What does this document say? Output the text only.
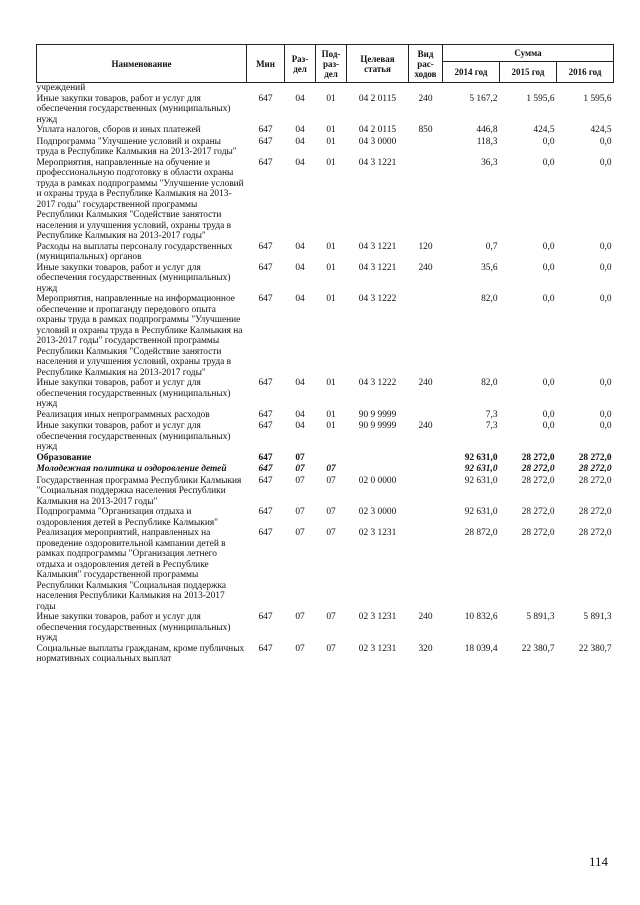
Наименование	Мин	Раз-дел	Под-раз-дел	Целевая статья	Вид рас-ходов	Сумма		
						2014 год	2015 год	2016 год
учреждений								
Иные закупки товаров, работ и услуг для обеспечения государственных (муниципальных) нужд	647	04	01	04 2 0115	240	5 167,2	1 595,6	1 595,6
Уплата налогов, сборов и иных платежей	647	04	01	04 2 0115	850	446,8	424,5	424,5
Подпрограмма "Улучшение условий и охраны труда в Республике Калмыкия на 2013-2017 годы"	647	04	01	04 3 0000		118,3	0,0	0,0
Мероприятия, направленные на обучение и профессиональную подготовку в области охраны труда в рамках подпрограммы "Улучшение условий и охраны труда в Республике Калмыкия на 2013-2017 годы" государственной программы Республики Калмыкия "Содействие занятости населения и улучшения условий, охраны труда в Республике Калмыкия на 2013-2017 годы"	647	04	01	04 3 1221		36,3	0,0	0,0
Расходы на выплаты персоналу государственных (муниципальных) органов	647	04	01	04 3 1221	120	0,7	0,0	0,0
Иные закупки товаров, работ и услуг для обеспечения государственных (муниципальных) нужд	647	04	01	04 3 1221	240	35,6	0,0	0,0
Мероприятия, направленные на информационное обеспечение и пропаганду передового опыта охраны труда в рамках подпрограммы "Улучшение условий и охраны труда в Республике Калмыкия на 2013-2017 годы" государственной программы Республики Калмыкия "Содействие занятости населения и улучшения условий, охраны труда в Республике Калмыкия на 2013-2017 годы"	647	04	01	04 3 1222		82,0	0,0	0,0
Иные закупки товаров, работ и услуг для обеспечения государственных (муниципальных) нужд	647	04	01	04 3 1222	240	82,0	0,0	0,0
Реализация иных непрограммных расходов	647	04	01	90 9 9999		7,3	0,0	0,0
Иные закупки товаров, работ и услуг для обеспечения государственных (муниципальных) нужд	647	04	01	90 9 9999	240	7,3	0,0	0,0
Образование	647	07				92 631,0	28 272,0	28 272,0
Молодежная политика и оздоровление детей	647	07	07			92 631,0	28 272,0	28 272,0
Государственная программа Республики Калмыкия "Социальная поддержка населения Республики Калмыкия на 2013-2017 годы"	647	07	07	02 0 0000		92 631,0	28 272,0	28 272,0
Подпрограмма "Организация отдыха и оздоровления детей в Республике Калмыкия"	647	07	07	02 3 0000		92 631,0	28 272,0	28 272,0
Реализация мероприятий, направленных на проведение оздоровительной кампании детей в рамках подпрограммы "Организация летнего отдыха и оздоровления детей в Республике Калмыкия" государственной программы Республики Калмыкия "Социальная поддержка населения Республики Калмыкия на 2013-2017 годы	647	07	07	02 3 1231		28 872,0	28 272,0	28 272,0
Иные закупки товаров, работ и услуг для обеспечения государственных (муниципальных) нужд	647	07	07	02 3 1231	240	10 832,6	5 891,3	5 891,3
Социальные выплаты гражданам, кроме публичных нормативных социальных выплат	647	07	07	02 3 1231	320	18 039,4	22 380,7	22 380,7
114
